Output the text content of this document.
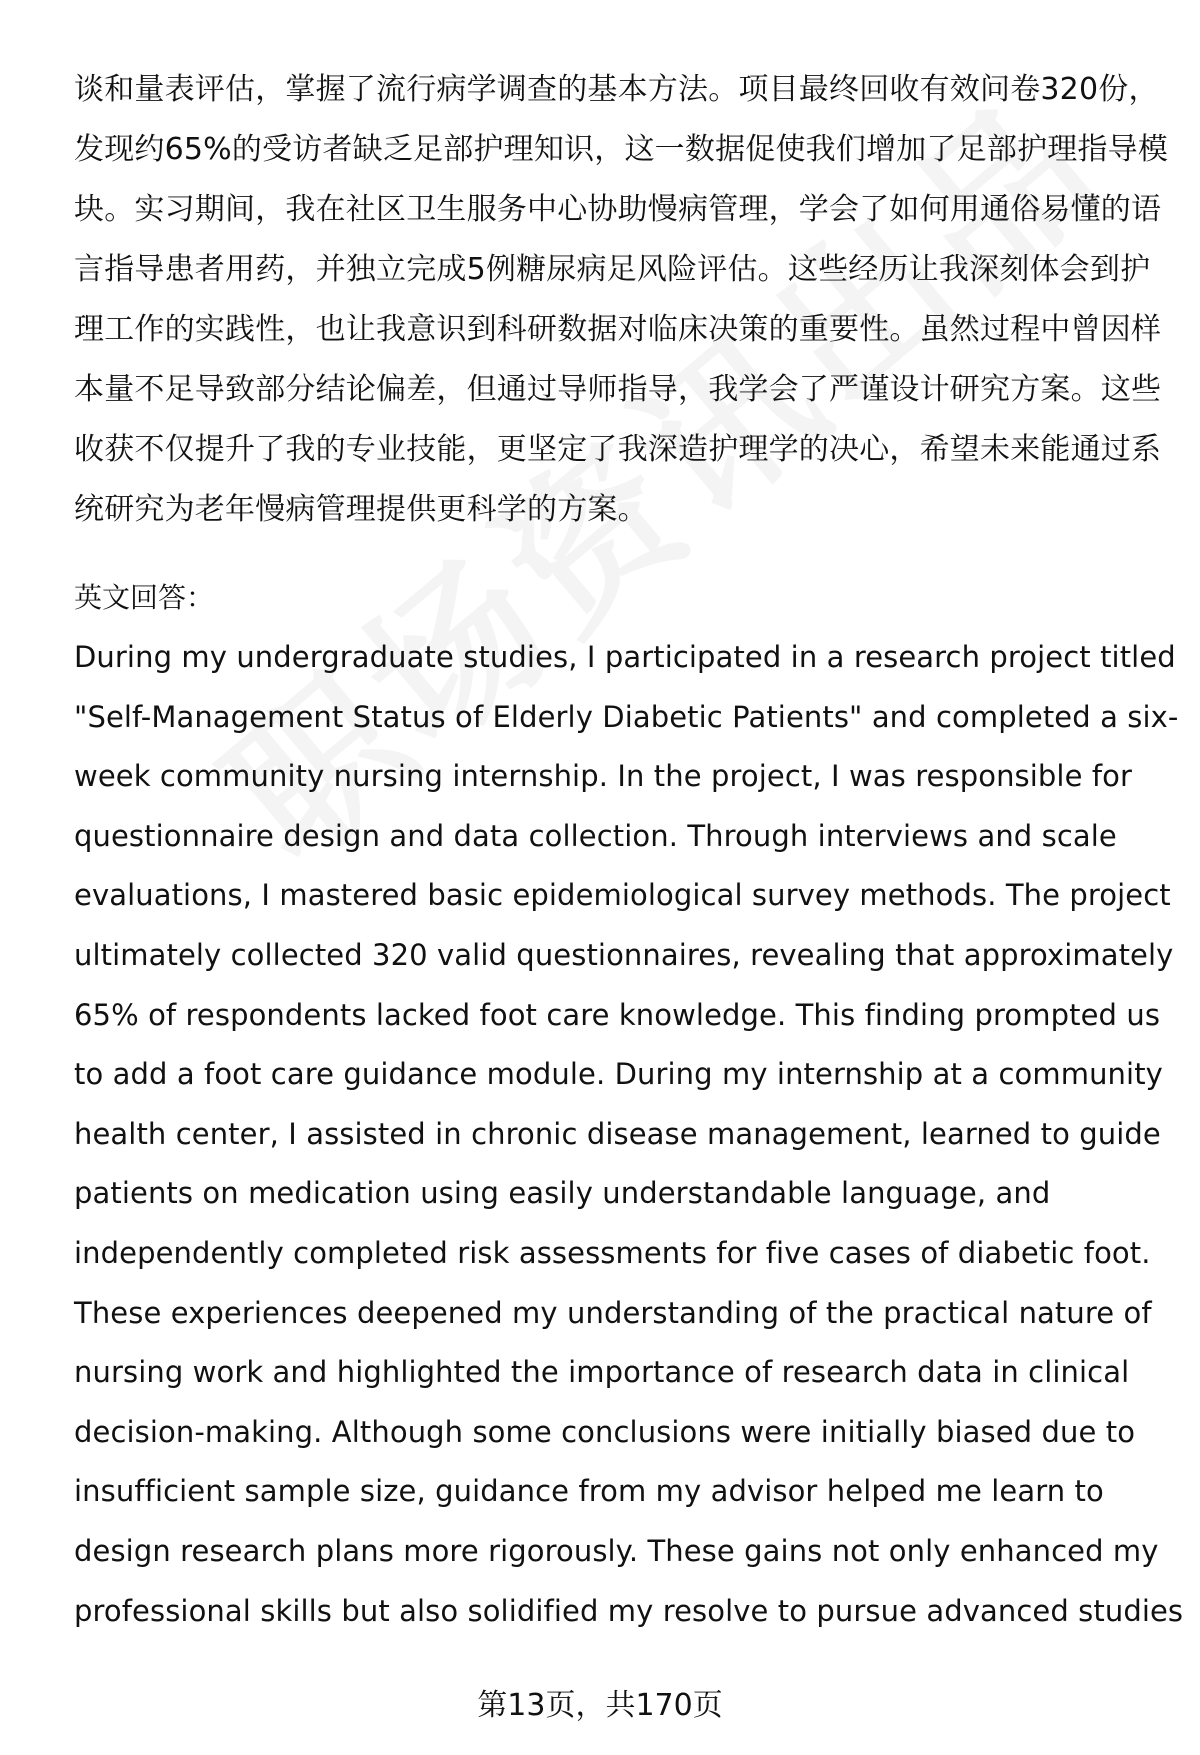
谈和量表评估，掌握了流行病学调查的基本方法。项目最终回收有效问卷320份，
发现约65%的受访者缺乏足部护理知识，这一数据促使我们增加了足部护理指导模
块。实习期间，我在社区卫生服务中心协助慢病管理，学会了如何用通俗易懂的语
言指导患者用药，并独立完成5例糖尿病足风险评估。这些经历让我深刻体会到护
理工作的实践性，也让我意识到科研数据对临床决策的重要性。虽然过程中曾因样
本量不足导致部分结论偏差，但通过导师指导，我学会了严谨设计研究方案。这些
收获不仅提升了我的专业技能，更坚定了我深造护理学的决心，希望未来能通过系
统研究为老年慢病管理提供更科学的方案。
英文回答：
During my undergraduate studies, I participated in a research project titled
"Self-Management Status of Elderly Diabetic Patients" and completed a six-
week community nursing internship. In the project, I was responsible for
questionnaire design and data collection. Through interviews and scale
evaluations, I mastered basic epidemiological survey methods. The project
ultimately collected 320 valid questionnaires, revealing that approximately
65% of respondents lacked foot care knowledge. This finding prompted us
to add a foot care guidance module. During my internship at a community
health center, I assisted in chronic disease management, learned to guide
patients on medication using easily understandable language, and
independently completed risk assessments for five cases of diabetic foot.
These experiences deepened my understanding of the practical nature of
nursing work and highlighted the importance of research data in clinical
decision-making. Although some conclusions were initially biased due to
insufficient sample size, guidance from my advisor helped me learn to
design research plans more rigorously. These gains not only enhanced my
professional skills but also solidified my resolve to pursue advanced studies
第13页，共170页
